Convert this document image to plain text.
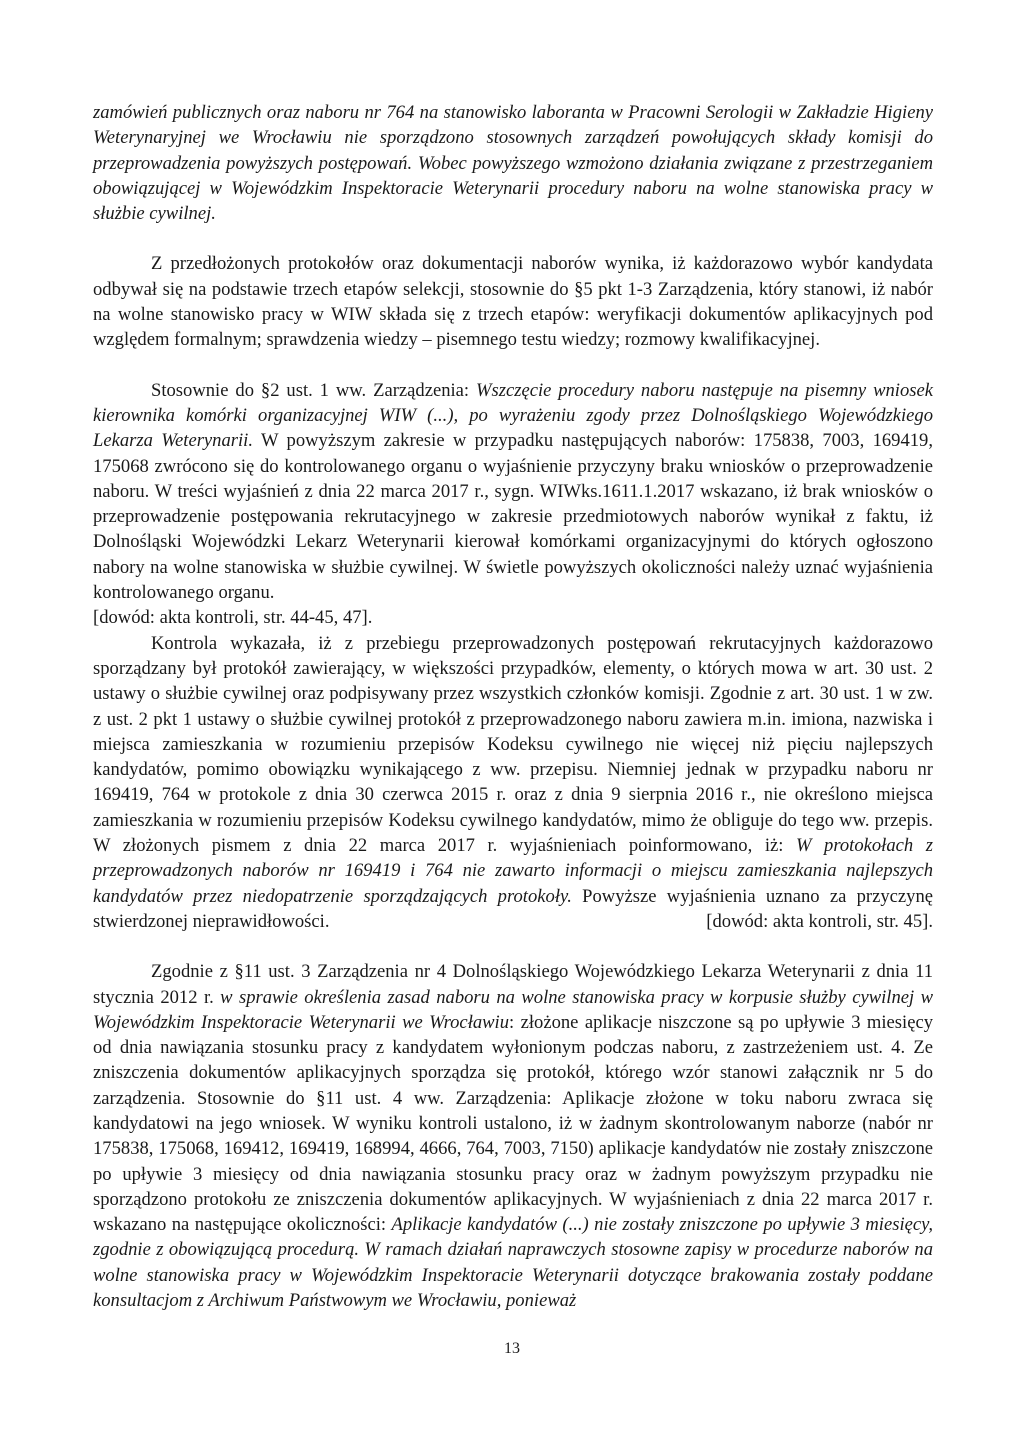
zamówień publicznych oraz naboru nr 764 na stanowisko laboranta w Pracowni Serologii w Zakładzie Higieny Weterynaryjnej we Wrocławiu nie sporządzono stosownych zarządzeń powołujących składy komisji do przeprowadzenia powyższych postępowań. Wobec powyższego wzmożono działania związane z przestrzeganiem obowiązującej w Wojewódzkim Inspektoracie Weterynarii procedury naboru na wolne stanowiska pracy w służbie cywilnej.

Z przedłożonych protokołów oraz dokumentacji naborów wynika, iż każdorazowo wybór kandydata odbywał się na podstawie trzech etapów selekcji, stosownie do §5 pkt 1-3 Zarządzenia, który stanowi, iż nabór na wolne stanowisko pracy w WIW składa się z trzech etapów: weryfikacji dokumentów aplikacyjnych pod względem formalnym; sprawdzenia wiedzy – pisemnego testu wiedzy; rozmowy kwalifikacyjnej.

Stosownie do §2 ust. 1 ww. Zarządzenia: Wszczęcie procedury naboru następuje na pisemny wniosek kierownika komórki organizacyjnej WIW (...), po wyrażeniu zgody przez Dolnośląskiego Wojewódzkiego Lekarza Weterynarii. W powyższym zakresie w przypadku następujących naborów: 175838, 7003, 169419, 175068 zwrócono się do kontrolowanego organu o wyjaśnienie przyczyny braku wniosków o przeprowadzenie naboru. W treści wyjaśnień z dnia 22 marca 2017 r., sygn. WIWks.1611.1.2017 wskazano, iż brak wniosków o przeprowadzenie postępowania rekrutacyjnego w zakresie przedmiotowych naborów wynikał z faktu, iż Dolnośląski Wojewódzki Lekarz Weterynarii kierował komórkami organizacyjnymi do których ogłoszono nabory na wolne stanowiska w służbie cywilnej. W świetle powyższych okoliczności należy uznać wyjaśnienia kontrolowanego organu.

[dowód: akta kontroli, str. 44-45, 47].

Kontrola wykazała, iż z przebiegu przeprowadzonych postępowań rekrutacyjnych każdorazowo sporządzany był protokół zawierający, w większości przypadków, elementy, o których mowa w art. 30 ust. 2 ustawy o służbie cywilnej oraz podpisywany przez wszystkich członków komisji. Zgodnie z art. 30 ust. 1 w zw. z ust. 2 pkt 1 ustawy o służbie cywilnej protokół z przeprowadzonego naboru zawiera m.in. imiona, nazwiska i miejsca zamieszkania w rozumieniu przepisów Kodeksu cywilnego nie więcej niż pięciu najlepszych kandydatów, pomimo obowiązku wynikającego z ww. przepisu. Niemniej jednak w przypadku naboru nr 169419, 764 w protokole z dnia 30 czerwca 2015 r. oraz z dnia 9 sierpnia 2016 r., nie określono miejsca zamieszkania w rozumieniu przepisów Kodeksu cywilnego kandydatów, mimo że obliguje do tego ww. przepis. W złożonych pismem z dnia 22 marca 2017 r. wyjaśnieniach poinformowano, iż: W protokołach z przeprowadzonych naborów nr 169419 i 764 nie zawarto informacji o miejscu zamieszkania najlepszych kandydatów przez niedopatrzenie sporządzających protokoły. Powyższe wyjaśnienia uznano za przyczynę stwierdzonej nieprawidłowości.	[dowód: akta kontroli, str. 45].

Zgodnie z §11 ust. 3 Zarządzenia nr 4 Dolnośląskiego Wojewódzkiego Lekarza Weterynarii z dnia 11 stycznia 2012 r. w sprawie określenia zasad naboru na wolne stanowiska pracy w korpusie służby cywilnej w Wojewódzkim Inspektoracie Weterynarii we Wrocławiu: złożone aplikacje niszczone są po upływie 3 miesięcy od dnia nawiązania stosunku pracy z kandydatem wyłonionym podczas naboru, z zastrzeżeniem ust. 4. Ze zniszczenia dokumentów aplikacyjnych sporządza się protokół, którego wzór stanowi załącznik nr 5 do zarządzenia. Stosownie do §11 ust. 4 ww. Zarządzenia: Aplikacje złożone w toku naboru zwraca się kandydatowi na jego wniosek. W wyniku kontroli ustalono, iż w żadnym skontrolowanym naborze (nabór nr 175838, 175068, 169412, 169419, 168994, 4666, 764, 7003, 7150) aplikacje kandydatów nie zostały zniszczone po upływie 3 miesięcy od dnia nawiązania stosunku pracy oraz w żadnym powyższym przypadku nie sporządzono protokołu ze zniszczenia dokumentów aplikacyjnych. W wyjaśnieniach z dnia 22 marca 2017 r. wskazano na następujące okoliczności: Aplikacje kandydatów (...) nie zostały zniszczone po upływie 3 miesięcy, zgodnie z obowiązującą procedurą. W ramach działań naprawczych stosowne zapisy w procedurze naborów na wolne stanowiska pracy w Wojewódzkim Inspektoracie Weterynarii dotyczące brakowania zostały poddane konsultacjom z Archiwum Państwowym we Wrocławiu, ponieważ

13
